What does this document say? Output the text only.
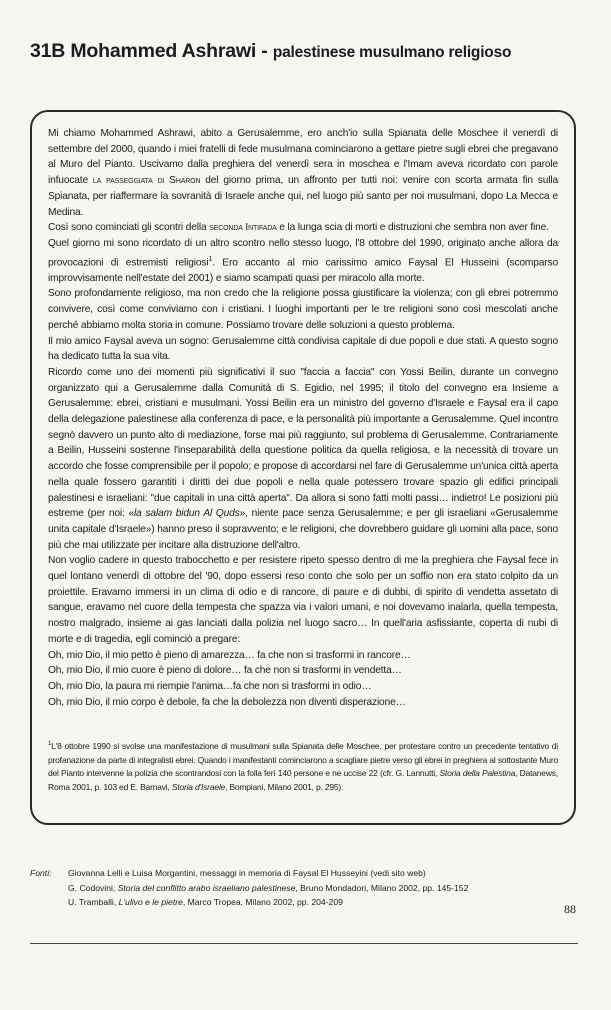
31B Mohammed Ashrawi - palestinese musulmano religioso

Mi chiamo Mohammed Ashrawi, abito a Gerusalemme, ero anch'io sulla Spianata delle Moschee il venerdì di settembre del 2000, quando i miei fratelli di fede musulmana cominciarono a gettare pietre sugli ebrei che pregavano al Muro del Pianto. Uscivamo dalla preghiera del venerdì sera in moschea e l'Imam aveva ricordato con parole infuocate la passeggiata di Sharon del giorno prima, un affronto per tutti noi: venire con scorta armata fin sulla Spianata, per riaffermare la sovranità di Israele anche qui, nel luogo più santo per noi musulmani, dopo La Mecca e Medina.

Così sono cominciati gli scontri della seconda Intifada e la lunga scia di morti e distruzioni che sembra non aver fine.

Quel giorno mi sono ricordato di un altro scontro nello stesso luogo, l'8 ottobre del 1990, originato anche allora da provocazioni di estremisti religiosi$^1$. Ero accanto al mio carissimo amico Faysal El Husseini (scomparso improvvisamente nell'estate del 2001) e siamo scampati quasi per miracolo alla morte.

Sono profondamente religioso, ma non credo che la religione possa giustificare la violenza; con gli ebrei potremmo convivere, così come conviviamo con i cristiani. I luoghi importanti per le tre religioni sono così mescolati anche perché abbiamo molta storia in comune. Possiamo trovare delle soluzioni a questo problema.

Il mio amico Faysal aveva un sogno: Gerusalemme città condivisa capitale di due popoli e due stati. A questo sogno ha dedicato tutta la sua vita.

Ricordo come uno dei momenti più significativi il suo "faccia a faccia" con Yossi Beilin, durante un convegno organizzato qui a Gerusalemme dalla Comunità di S. Egidio, nel 1995; il titolo del convegno era Insieme a Gerusalemme: ebrei, cristiani e musulmani. Yossi Beilin era un ministro del governo d'Israele e Faysal era il capo della delegazione palestinese alla conferenza di pace, e la personalità più importante a Gerusalemme. Quel incontro segnò davvero un punto alto di mediazione, forse mai più raggiunto, sul problema di Gerusalemme. Contrariamente a Beilin, Husseini sostenne l'inseparabilità della questione politica da quella religiosa, e la necessità di trovare un accordo che fosse comprensibile per il popolo; e propose di accordarsi nel fare di Gerusalemme un'unica città aperta nella quale fossero garantiti i diritti dei due popoli e nella quale potessero trovare spazio gli edifici principali palestinesi e israeliani: "due capitali in una città aperta". Da allora si sono fatti molti passi… indietro! Le posizioni più estreme (per noi: «la salam bidun Al Quds», niente pace senza Gerusalemme; e per gli israeliani «Gerusalemme unita capitale d'Israele») hanno preso il sopravvento; e le religioni, che dovrebbero guidare gli uomini alla pace, sono più che mai utilizzate per incitare alla distruzione dell'altro.

Non voglio cadere in questo trabocchetto e per resistere ripeto spesso dentro di me la preghiera che Faysal fece in quel lontano venerdì di ottobre del '90, dopo essersi reso conto che solo per un soffio non era stato colpito da un proiettile. Eravamo immersi in un clima di odio e di rancore, di paure e di dubbi, di spirito di vendetta assetato di sangue, eravamo nel cuore della tempesta che spazza via i valori umani, e noi dovevamo inalarla, quella tempesta, nostro malgrado, insieme ai gas lanciati dalla polizia nel luogo sacro… In quell'aria asfissiante, coperta di nubi di morte e di tragedia, egli cominciò a pregare:

Oh, mio Dio, il mio petto è pieno di amarezza… fa che non si trasformi in rancore…

Oh, mio Dio, il mio cuore è pieno di dolore… fa che non si trasformi in vendetta…

Oh, mio Dio, la paura mi riempie l'anima…fa che non si trasformi in odio…

Oh, mio Dio, il mio corpo è debole, fa che la debolezza non diventi disperazione…

$^1$L'8 ottobre 1990 si svolse una manifestazione di musulmani sulla Spianata delle Moschee, per protestare contro un precedente tentativo di profanazione da parte di integralisti ebrei. Quando i manifestanti cominciarono a scagliare pietre verso gli ebrei in preghiera al sottostante Muro del Pianto intervenne la polizia che scontrandosi con la folla ferì 140 persone e ne uccise 22 (cfr. G. Lannutti, Storia della Palestina, Datanews, Roma 2001, p. 103 ed E. Barnavi, Storia d'Israele, Bompiani, Milano 2001, p. 295).
Fonti: Giovanna Lelli e Luisa Morgantini, messaggi in memoria di Faysal El Husseyini (vedi sito web)
G. Codovini, Storia del conflitto arabo israeliano palestinese, Bruno Mondadori, Milano 2002, pp. 145-152
U. Tramballi, L'ulivo e le pietre, Marco Tropea, Milano 2002, pp. 204-209	88
